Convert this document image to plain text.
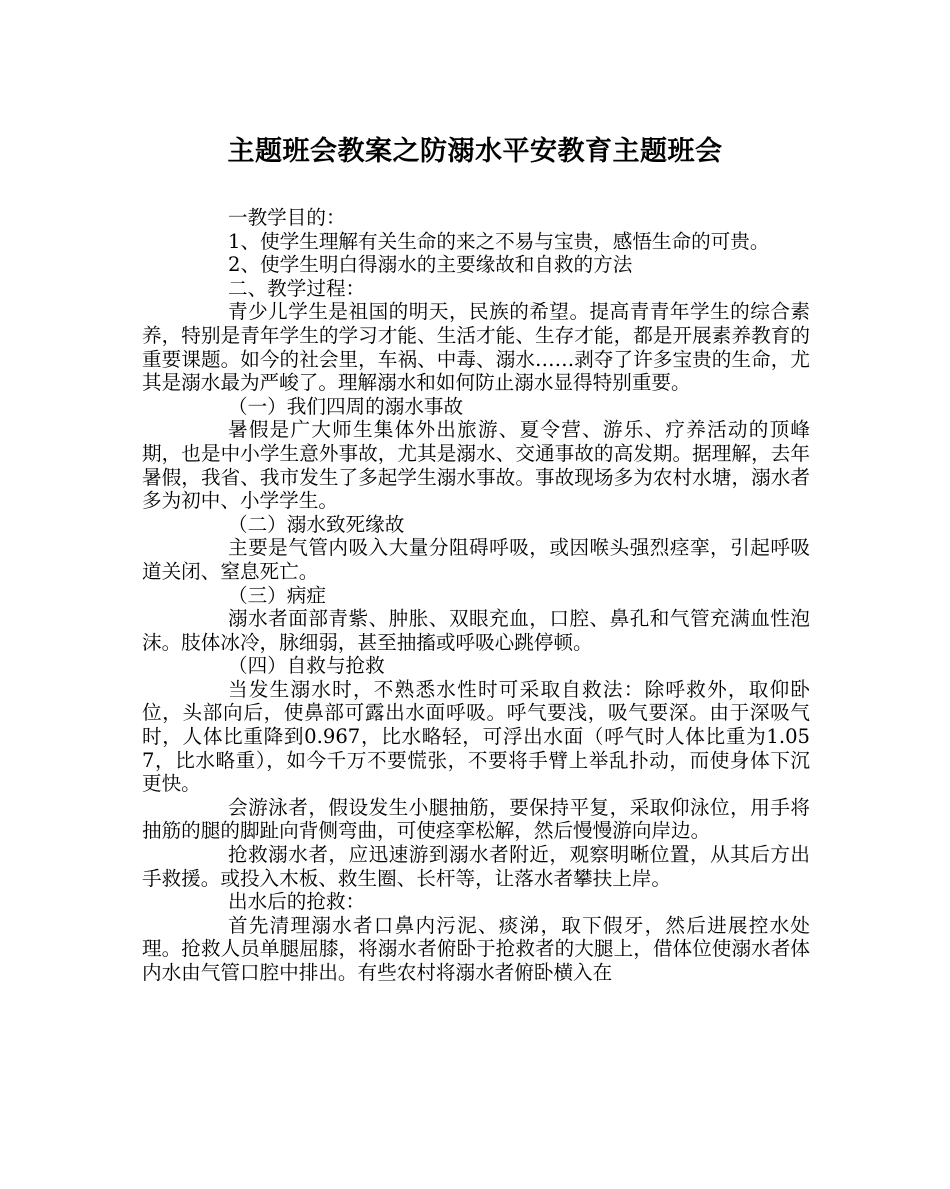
主题班会教案之防溺水平安教育主题班会

一教学目的：

1、使学生理解有关生命的来之不易与宝贵，感悟生命的可贵。

2、使学生明白得溺水的主要缘故和自救的方法

二、教学过程：

青少儿学生是祖国的明天，民族的希望。提高青青年学生的综合素养，特别是青年学生的学习才能、生活才能、生存才能，都是开展素养教育的重要课题。如今的社会里，车祸、中毒、溺水……剥夺了许多宝贵的生命，尤其是溺水最为严峻了。理解溺水和如何防止溺水显得特别重要。

（一）我们四周的溺水事故

暑假是广大师生集体外出旅游、夏令营、游乐、疗养活动的顶峰期，也是中小学生意外事故，尤其是溺水、交通事故的高发期。据理解，去年暑假，我省、我市发生了多起学生溺水事故。事故现场多为农村水塘，溺水者多为初中、小学学生。

（二）溺水致死缘故

主要是气管内吸入大量分阻碍呼吸，或因喉头强烈痉挛，引起呼吸道关闭、窒息死亡。

（三）病症

溺水者面部青紫、肿胀、双眼充血，口腔、鼻孔和气管充满血性泡沫。肢体冰冷，脉细弱，甚至抽搐或呼吸心跳停顿。

（四）自救与抢救

当发生溺水时，不熟悉水性时可采取自救法：除呼救外，取仰卧位，头部向后，使鼻部可露出水面呼吸。呼气要浅，吸气要深。由于深吸气时，人体比重降到0.967，比水略轻，可浮出水面（呼气时人体比重为1.057，比水略重），如今千万不要慌张，不要将手臂上举乱扑动，而使身体下沉更快。

会游泳者，假设发生小腿抽筋，要保持平复，采取仰泳位，用手将抽筋的腿的脚趾向背侧弯曲，可使痉挛松解，然后慢慢游向岸边。

抢救溺水者，应迅速游到溺水者附近，观察明晰位置，从其后方出手救援。或投入木板、救生圈、长杆等，让落水者攀扶上岸。

出水后的抢救：

首先清理溺水者口鼻内污泥、痰涕，取下假牙，然后进展控水处理。抢救人员单腿屈膝，将溺水者俯卧于抢救者的大腿上，借体位使溺水者体内水由气管口腔中排出。有些农村将溺水者俯卧横入在
